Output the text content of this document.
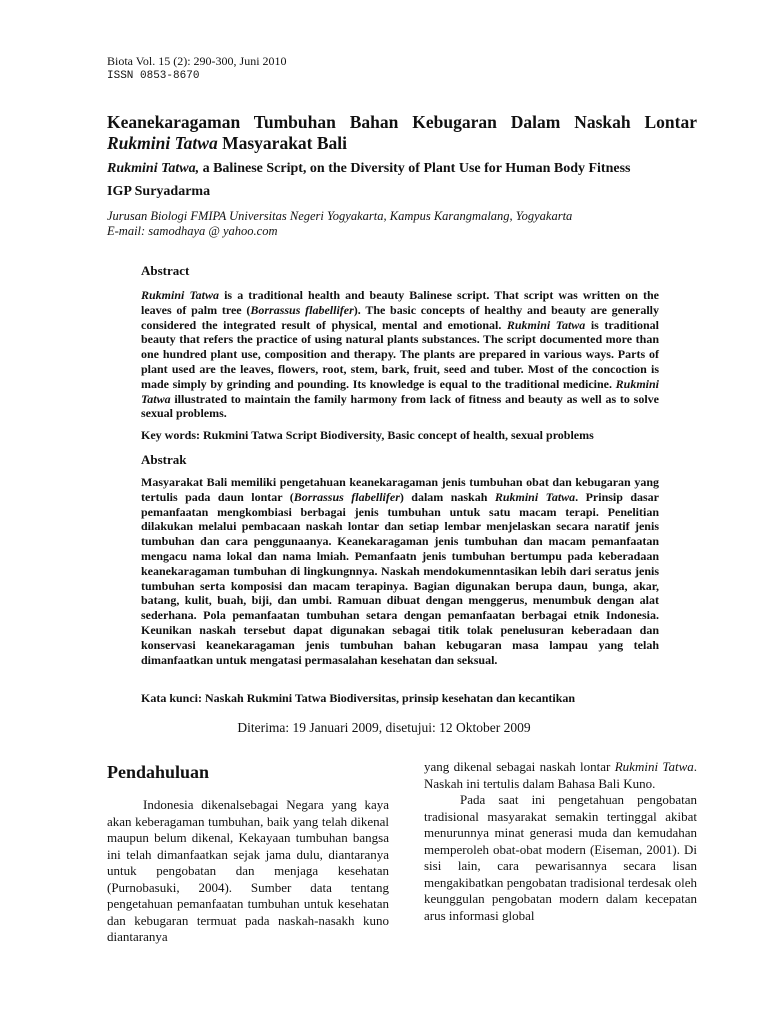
Biota Vol. 15 (2): 290-300, Juni 2010
ISSN 0853-8670
Keanekaragaman Tumbuhan Bahan Kebugaran Dalam Naskah Lontar
Rukmini Tatwa Masyarakat Bali
Rukmini Tatwa, a Balinese Script, on the Diversity of Plant Use for Human Body Fitness
IGP Suryadarma
Jurusan Biologi FMIPA Universitas Negeri Yogyakarta, Kampus Karangmalang, Yogyakarta
E-mail: samodhaya @ yahoo.com
Abstract

Rukmini Tatwa is a traditional health and beauty Balinese script. That script was written on the leaves of palm tree (Borrassus flabellifer). The basic concepts of healthy and beauty are generally considered the integrated result of physical, mental and emotional. Rukmini Tatwa is traditional beauty that refers the practice of using natural plants substances. The script documented more than one hundred plant use, composition and therapy. The plants are prepared in various ways. Parts of plant used are the leaves, flowers, root, stem, bark, fruit, seed and tuber. Most of the concoction is made simply by grinding and pounding. Its knowledge is equal to the traditional medicine. Rukmini Tatwa illustrated to maintain the family harmony from lack of fitness and beauty as well as to solve sexual problems.

Key words: Rukmini Tatwa Script Biodiversity, Basic concept of health, sexual problems
Abstrak

Masyarakat Bali memiliki pengetahuan keanekaragaman jenis tumbuhan obat dan kebugaran yang tertulis pada daun lontar (Borrassus flabellifer) dalam naskah Rukmini Tatwa. Prinsip dasar pemanfaatan mengkombiasi berbagai jenis tumbuhan untuk satu macam terapi. Penelitian dilakukan melalui pembacaan naskah lontar dan setiap lembar menjelaskan secara naratif jenis tumbuhan dan cara penggunaanya. Keanekaragaman jenis tumbuhan dan macam pemanfaatan mengacu nama lokal dan nama lmiah. Pemanfaatn jenis tumbuhan bertumpu pada keberadaan keanekaragaman tumbuhan di lingkungnnya. Naskah mendokumenntasikan lebih dari seratus jenis tumbuhan serta komposisi dan macam terapinya. Bagian digunakan berupa daun, bunga, akar, batang, kulit, buah, biji, dan umbi. Ramuan dibuat dengan menggerus, menumbuk dengan alat sederhana. Pola pemanfaatan tumbuhan setara dengan pemanfaatan berbagai etnik Indonesia. Keunikan naskah tersebut dapat digunakan sebagai titik tolak penelusuran keberadaan dan konservasi keanekaragaman jenis tumbuhan bahan kebugaran masa lampau yang telah dimanfaatkan untuk mengatasi permasalahan kesehatan dan seksual.

Kata kunci: Naskah Rukmini Tatwa Biodiversitas, prinsip kesehatan dan kecantikan
Diterima: 19 Januari 2009, disetujui: 12 Oktober 2009
Pendahuluan

Indonesia dikenalsebagai Negara yang kaya akan keberagaman tumbuhan, baik yang telah dikenal maupun belum dikenal, Kekayaan tumbuhan bangsa ini telah dimanfaatkan sejak jama dulu, diantaranya untuk pengobatan dan menjaga kesehatan (Purnobasuki, 2004). Sumber data tentang pengetahuan pemanfaatan tumbuhan untuk kesehatan dan kebugaran termuat pada naskah-nasakh kuno diantaranya

yang dikenal sebagai naskah lontar Rukmini Tatwa. Naskah ini tertulis dalam Bahasa Bali Kuno.

Pada saat ini pengetahuan pengobatan tradisional masyarakat semakin tertinggal akibat menurunnya minat generasi muda dan kemudahan memperoleh obat-obat modern (Eiseman, 2001). Di sisi lain, cara pewarisannya secara lisan mengakibatkan pengobatan tradisional terdesak oleh keunggulan pengobatan modern dalam kecepatan arus informasi global
